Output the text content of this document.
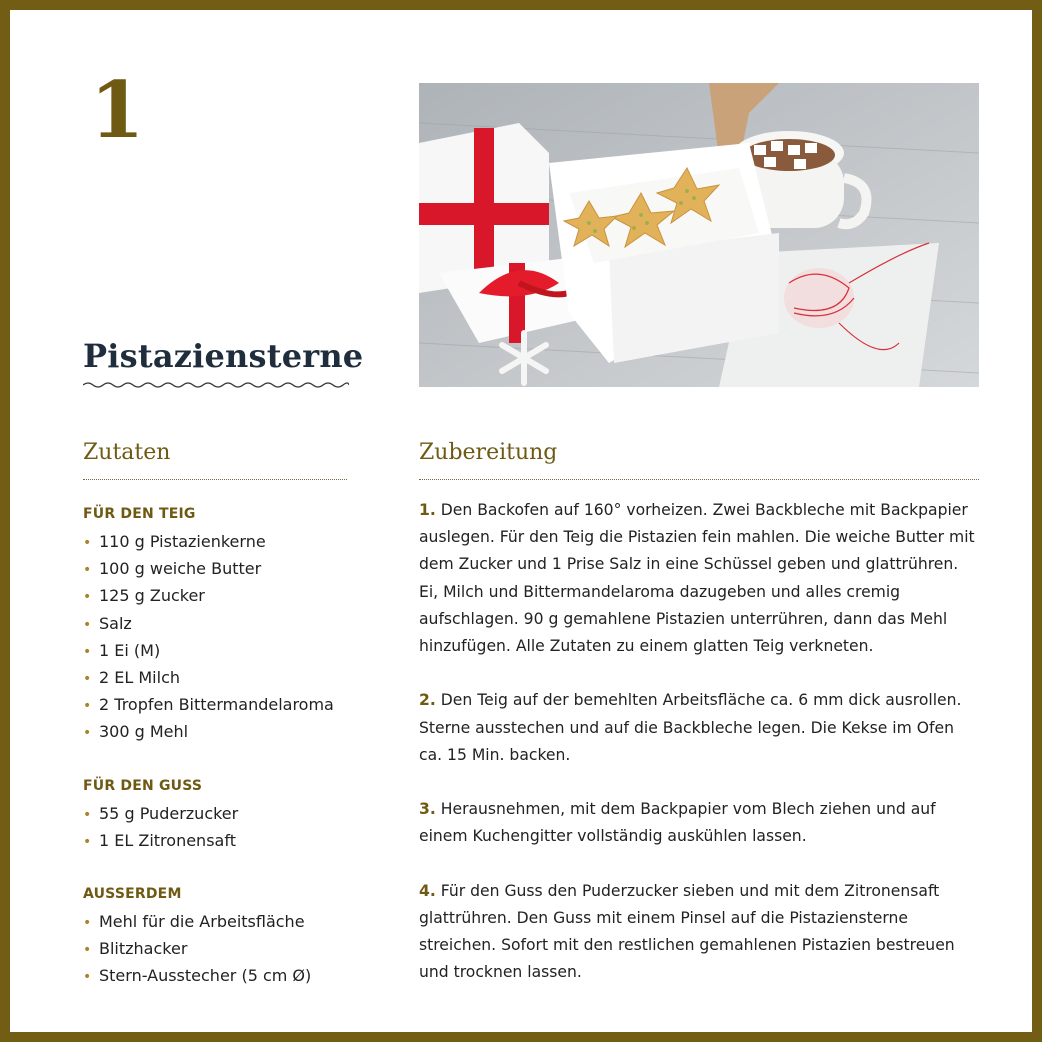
1
Pistaziensterne
Zutaten	Zubereitung
FÜR DEN TEIG
• 110 g Pistazienkerne
• 100 g weiche Butter
• 125 g Zucker
• Salz
• 1 Ei (M)
• 2 EL Milch
• 2 Tropfen Bittermandelaroma
• 300 g Mehl
FÜR DEN GUSS
• 55 g Puderzucker
• 1 EL Zitronensaft
AUSSERDEM
• Mehl für die Arbeitsfläche
• Blitzhacker
• Stern-Ausstecher (5 cm Ø)

1. Den Backofen auf 160° vorheizen. Zwei Backbleche mit Backpapier auslegen. Für den Teig die Pistazien fein mahlen. Die weiche Butter mit dem Zucker und 1 Prise Salz in eine Schüssel geben und glattrühren. Ei, Milch und Bittermandelaroma dazugeben und alles cremig aufschlagen. 90 g gemahlene Pistazien unterrühren, dann das Mehl hinzufügen. Alle Zutaten zu einem glatten Teig verkneten.

2. Den Teig auf der bemehlten Arbeitsfläche ca. 6 mm dick ausrollen. Sterne ausstechen und auf die Backbleche legen. Die Kekse im Ofen ca. 15 Min. backen.

3. Herausnehmen, mit dem Backpapier vom Blech ziehen und auf einem Kuchengitter vollständig auskühlen lassen.

4. Für den Guss den Puderzucker sieben und mit dem Zitronensaft glattrühren. Den Guss mit einem Pinsel auf die Pistaziensterne streichen. Sofort mit den restlichen gemahlenen Pistazien bestreuen und trocknen lassen.
